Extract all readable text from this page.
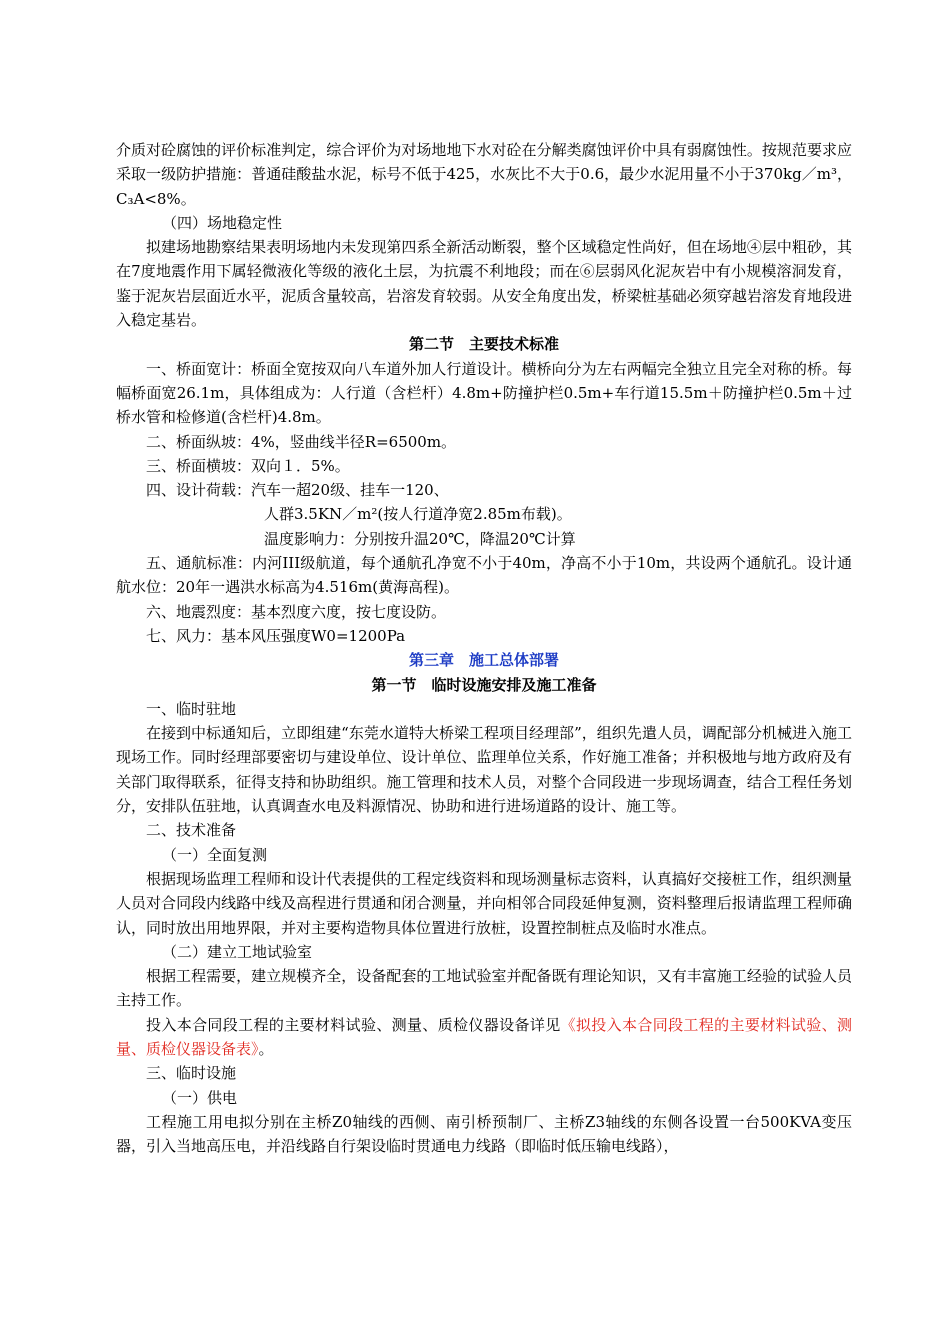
介质对砼腐蚀的评价标准判定，综合评价为对场地地下水对砼在分解类腐蚀评价中具有弱腐蚀性。按规范要求应采取一级防护措施：普通硅酸盐水泥，标号不低于425，水灰比不大于0.6，最少水泥用量不小于370kg／m³，C₃A<8%。

（四）场地稳定性

拟建场地勘察结果表明场地内未发现第四系全新活动断裂，整个区域稳定性尚好，但在场地④层中粗砂，其在7度地震作用下属轻微液化等级的液化土层，为抗震不利地段；而在⑥层弱风化泥灰岩中有小规模溶洞发育，鉴于泥灰岩层面近水平，泥质含量较高，岩溶发育较弱。从安全角度出发，桥梁桩基础必须穿越岩溶发育地段进入稳定基岩。

第二节　主要技术标准

一、桥面宽计：桥面全宽按双向八车道外加人行道设计。横桥向分为左右两幅完全独立且完全对称的桥。每幅桥面宽26.1m，具体组成为：人行道（含栏杆）4.8m+防撞护栏0.5m+车行道15.5m＋防撞护栏0.5m＋过桥水管和检修道(含栏杆)4.8m。

二、桥面纵坡：4%，竖曲线半径R=6500m。

三、桥面横坡：双向１．5%。

四、设计荷载：汽车一超20级、挂车一120、

人群3.5KN／m²(按人行道净宽2.85m布载)。

温度影响力：分别按升温20℃，降温20℃计算

五、通航标准：内河III级航道，每个通航孔净宽不小于40m，净高不小于10m，共设两个通航孔。设计通航水位：20年一遇洪水标高为4.516m(黄海高程)。

六、地震烈度：基本烈度六度，按七度设防。

七、风力：基本风压强度W0=1200Pa

第三章　施工总体部署
第一节　临时设施安排及施工准备

一、临时驻地

在接到中标通知后，立即组建“东莞水道特大桥梁工程项目经理部”，组织先遣人员，调配部分机械进入施工现场工作。同时经理部要密切与建设单位、设计单位、监理单位关系，作好施工准备；并积极地与地方政府及有关部门取得联系，征得支持和协助组织。施工管理和技术人员，对整个合同段进一步现场调查，结合工程任务划分，安排队伍驻地，认真调查水电及料源情况、协助和进行进场道路的设计、施工等。

二、技术准备

（一）全面复测

根据现场监理工程师和设计代表提供的工程定线资料和现场测量标志资料，认真搞好交接桩工作，组织测量人员对合同段内线路中线及高程进行贯通和闭合测量，并向相邻合同段延伸复测，资料整理后报请监理工程师确认，同时放出用地界限，并对主要构造物具体位置进行放桩，设置控制桩点及临时水准点。

（二）建立工地试验室

根据工程需要，建立规模齐全，设备配套的工地试验室并配备既有理论知识，又有丰富施工经验的试验人员主持工作。

投入本合同段工程的主要材料试验、测量、质检仪器设备详见《拟投入本合同段工程的主要材料试验、测量、质检仪器设备表》。

三、临时设施

（一）供电

工程施工用电拟分别在主桥Z0轴线的西侧、南引桥预制厂、主桥Z3轴线的东侧各设置一台500KVA变压器，引入当地高压电，并沿线路自行架设临时贯通电力线路（即临时低压输电线路），
